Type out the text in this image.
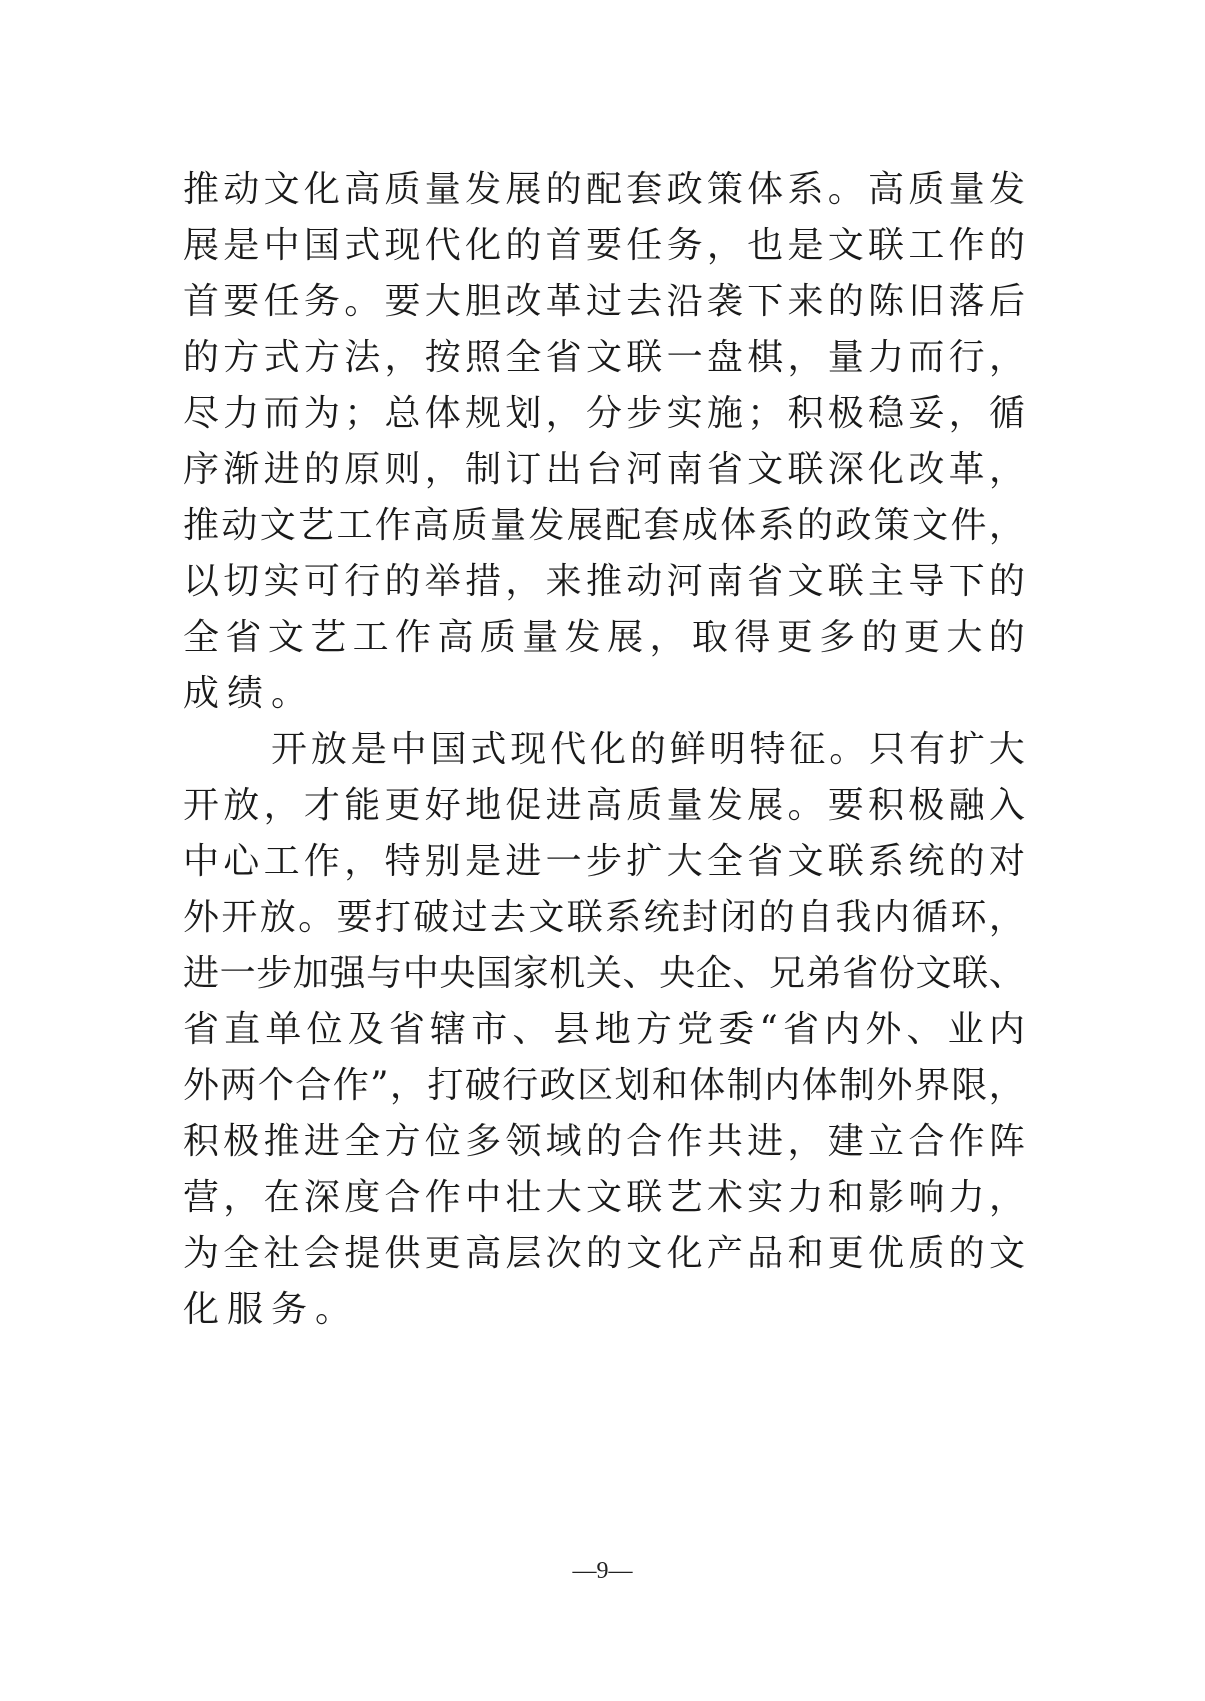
推 动 文 化 高 质 量 发 展 的 配 套 政 策 体 系 。 高 质 量 发
展 是 中 国 式 现 代 化 的 首 要 任 务 ， 也 是 文 联 工 作 的
首 要 任 务 。 要 大 胆 改 革 过 去 沿 袭 下 来 的 陈 旧 落 后
的 方 式 方 法 ， 按 照 全 省 文 联 一 盘 棋 ， 量 力 而 行 ，
尽 力 而 为 ； 总 体 规 划 ， 分 步 实 施 ； 积 极 稳 妥 ， 循
序 渐 进 的 原 则 ， 制 订 出 台 河 南 省 文 联 深 化 改 革 ，
推 动 文 艺 工 作 高 质 量 发 展 配 套 成 体 系 的 政 策 文 件 ，
以 切 实 可 行 的 举 措 ， 来 推 动 河 南 省 文 联 主 导 下 的
全 省 文 艺 工 作 高 质 量 发 展 ， 取 得 更 多 的 更 大 的
成绩。
开 放 是 中 国 式 现 代 化 的 鲜 明 特 征 。 只 有 扩 大
开 放 ， 才 能 更 好 地 促 进 高 质 量 发 展 。 要 积 极 融 入
中 心 工 作 ， 特 别 是 进 一 步 扩 大 全 省 文 联 系 统 的 对
外 开 放 。 要 打 破 过 去 文 联 系 统 封 闭 的 自 我 内 循 环 ，
进 一 步 加 强 与 中 央 国 家 机 关 、 央 企 、 兄 弟 省 份 文 联 、
省 直 单 位 及 省 辖 市 、 县 地 方 党 委 “ 省 内 外 、 业 内
外 两 个 合 作 ” ， 打 破 行 政 区 划 和 体 制 内 体 制 外 界 限 ，
积 极 推 进 全 方 位 多 领 域 的 合 作 共 进 ， 建 立 合 作 阵
营 ， 在 深 度 合 作 中 壮 大 文 联 艺 术 实 力 和 影 响 力 ，
为 全 社 会 提 供 更 高 层 次 的 文 化 产 品 和 更 优 质 的 文
化服务。
—9—
